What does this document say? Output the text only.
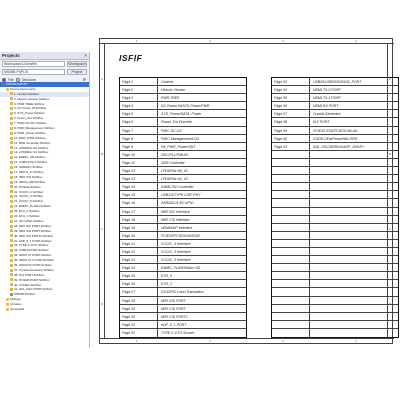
Projects	×
Workspace1.DsnWrk	Workspace
MS06B.PrjPCB	Project
File Structure	⚙
MS06B.PrjPCB *
Source Documents
1. Content.SchDoc
2. Historic Version.SchDoc
3. PWR TREE.SchDoc
4. DC Power IN.SchDoc
5. SYS_Power.SchDoc
6. Power_Ext.SchDoc
7. PMIC DC-DC.SchDoc
8. PMIC Management.SchDoc
9. PWR_Power.SchDoc
10. DDR_PWR.SchDoc
11. DDR Controller.SchDoc
12. LPDDR4x N0.SchDoc
13. LPDDR4x N1.SchDoc
14. EMMC_SD.SchDoc
15. USB3.0 PHY.SchDoc
16. SARADC.SchDoc
17. MIPI D_C.SchDoc
18. MIPI CSI.SchDoc
19. HDMI_eDP.SchDoc
20. PCIE30.SchDoc
21. VCCIO_4.SchDoc
22. VCCIO_3.SchDoc
23. VCCIO_5.SchDoc
24. EMMC_FLASH.SchDoc
25. ETH_0.SchDoc
26. ETH_1.SchDoc
27. I2C GPIO.SchDoc
28. MIPI DSI PORT.SchDoc
29. MIPI CSI PORT.SchDoc
30. MIPI CSI PORT2.SchDoc
31. eDP_0_1 PORT.SchDoc
32. TYPE C OTG.SchDoc
33. USB20 PORT.SchDoc
34. HDMI TX PORT.SchDoc
35. HDMI TX 0 PORT.SchDoc
36. HDMI RX PORT.SchDoc
37. Crystal Generator.SchDoc
38. M.2 PORT.SchDoc
39. PCIE30 PORT.SchDoc
40. CODEC.SchDoc
41. 32A_OSC PORT.SchDoc
MS06B.PcbDoc
Settings
Libraries
Generated
1
1
2
2
3
3
4
4
A	A
B	B
C	C
D	D
ISFIF
Page 1	Content
Page 2	Historic Version
Page 3	PWR TREE
Page 4	DC Power IN/SYS Power/PWR
Page 5	SYS_Power/SATA_Power
Page 6	Power_Ext Discrete
Page 7	PMIC DC-DC
Page 8	PMIC Management/LDO
Page 9	PA_PWR_Power/SNT
Page 10	DDC/PLL/PMUIO
Page 11	DDR Controller
Page 12	LPDDR4x N0_01
Page 13	LPDDR4x N1_02
Page 14	EMMC/SD Controller
Page 15	USB3.0/TYPE C/DP PHY
Page 16	SARADC/1.8V GPIO
Page 17	MIPI D/C Interface
Page 18	MIPI CSI Interface
Page 19	HDMI/eDP Interface
Page 20	PCIE30/PCIE20/SATA30
Page 21	VCCIO_4 Interface
Page 22	VCCIO_3 Interface
Page 23	VCCIO_5 Interface
Page 24	EMMC_FLASH/Micro SD
Page 25	ETH_0
Page 26	ETH_1
Page 27	I2C/GPIO Level Translation
Page 28	MIPI DSI PORT
Page 29	MIPI CSI PORT
Page 30	MIPI CSI PORT2
Page 31	eDP_0_1 PORT
Page 32	TYPE C OTG Socket
Page 33	USB20/USB20/SATA30_PORT
Page 34	HDMI TX 0 PORT
Page 35	HDMI TX 1 PORT
Page 36	HDMI RX PORT
Page 37	Crystal Generator
Page 38	M.2 PORT
Page 39	PCIE30 SSD/PCIE20 WLAN
Page 40	CODEC/EarPhone/MIC/SPK
Page 41	32A_OSC/DEBUG/ADP_20/KEY
